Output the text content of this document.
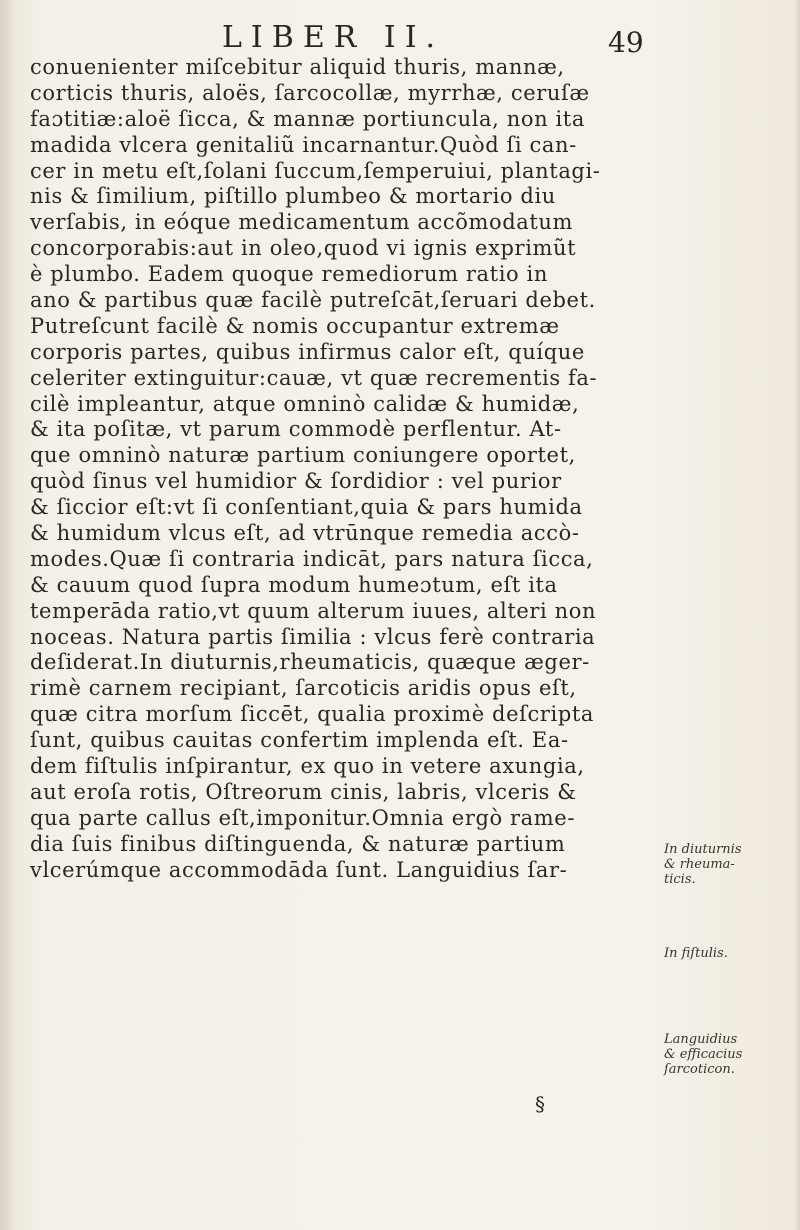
LIBER II.	49
conuenienter miſcebitur aliquid thuris, mannæ,
corticis thuris, aloës, ſarcocollæ, myrrhæ, ceruſæ
faɔtitiæ:aloë ſicca, & mannæ portiuncula, non ita
madida vlcera genitaliũ incarnantur.Quòd ſi can-
cer in metu eſt,ſolani ſuccum,ſemperuiui, plantagi-
nis & ſimilium, piſtillo plumbeo & mortario diu
verſabis, in eóque medicamentum accõmodatum
concorporabis:aut in oleo,quod vi ignis exprimũt
è plumbo. Eadem quoque remediorum ratio in
ano & partibus quæ facilè putreſcāt,ſeruari debet.
Putreſcunt facilè & nomis occupantur extremæ
corporis partes, quibus infirmus calor eſt, quíque
celeriter extinguitur:cauæ, vt quæ recrementis fa-
cilè impleantur, atque omninò calidæ & humidæ,
& ita poſitæ, vt parum commodè perflentur. At-
que omninò naturæ partium coniungere oportet,
quòd ſinus vel humidior & ſordidior : vel purior
& ſiccior eſt:vt ſi conſentiant,quia & pars humida
& humidum vlcus eſt, ad vtrūnque remedia accò-
modes.Quæ ſi contraria indicāt, pars natura ſicca,
& cauum quod ſupra modum humeɔtum, eſt ita
temperāda ratio,vt quum alterum iuues, alteri non
noceas. Natura partis ſimilia : vlcus ferè contraria
deſiderat.In diuturnis,rheumaticis, quæque æger-
rimè carnem recipiant, ſarcoticis aridis opus eſt,
quæ citra morſum ſiccēt, qualia proximè deſcripta
ſunt, quibus cauitas confertim implenda eſt. Ea-
dem fiſtulis inſpirantur, ex quo in vetere axungia,
aut eroſa rotis, Oſtreorum cinis, labris, vlceris &
qua parte callus eſt,imponitur.Omnia ergò rame-
dia ſuis finibus diſtinguenda, & naturæ partium
vlcerúmque accommodāda ſunt. Languidius ſar-
In diuturnis
& rheuma-
ticis.
In fiſtulis.
Languidius
& efficacius
ſarcoticon.
§
